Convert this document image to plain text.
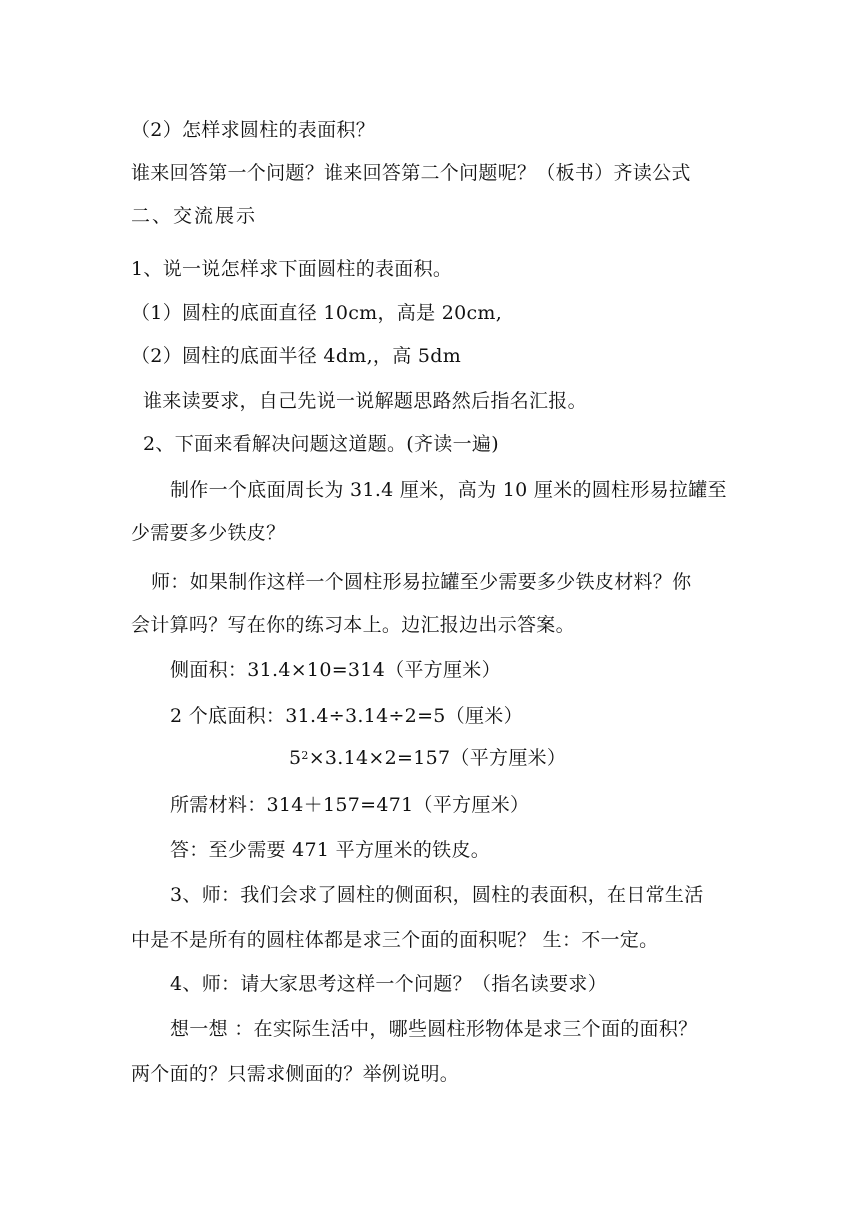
（2）怎样求圆柱的表面积？
谁来回答第一个问题？谁来回答第二个问题呢？（板书）齐读公式
二、交流展示
1、说一说怎样求下面圆柱的表面积。
（1）圆柱的底面直径 10cm，高是 20cm,
（2）圆柱的底面半径 4dm,，高 5dm
谁来读要求，自己先说一说解题思路然后指名汇报。
2、下面来看解决问题这道题。(齐读一遍)
制作一个底面周长为 31.4 厘米，高为 10 厘米的圆柱形易拉罐至
少需要多少铁皮？
师：如果制作这样一个圆柱形易拉罐至少需要多少铁皮材料？你
会计算吗？写在你的练习本上。边汇报边出示答案。
侧面积：31.4×10=314（平方厘米）
2 个底面积：31.4÷3.14÷2=5（厘米）
$5^2\times 3.14\times 2=157$（平方厘米）
所需材料：314＋157=471（平方厘米）
答：至少需要 471 平方厘米的铁皮。
3、师：我们会求了圆柱的侧面积，圆柱的表面积，在日常生活
中是不是所有的圆柱体都是求三个面的面积呢？ 生：不一定。
4、师：请大家思考这样一个问题？（指名读要求）
想一想 ：在实际生活中，哪些圆柱形物体是求三个面的面积？
两个面的？只需求侧面的？举例说明。
